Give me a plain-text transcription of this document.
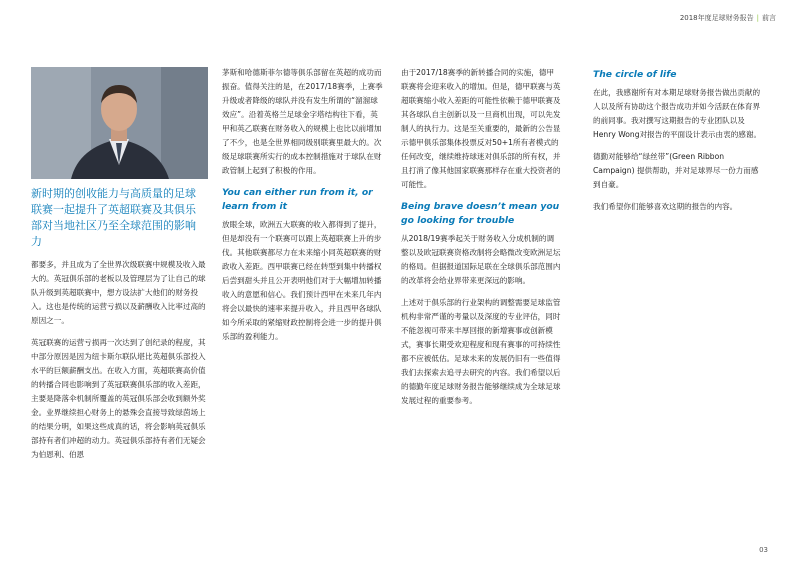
2018年度足球财务报告 | 前言

新时期的创收能力与高质量的足球联赛一起提升了英超联赛及其俱乐部对当地社区乃至全球范围的影响力

都要多，并且成为了全世界次级联赛中规模及收入最大的。英冠俱乐部的老板以及管理层为了让自己的球队升级到英超联赛中，想方设法扩大他们的财务投入。这也是传统的运营亏损以及薪酬收入比率过高的原因之一。

英冠联赛的运营亏损再一次达到了创纪录的程度，其中部分原因是因为纽卡斯尔联队堪比英超俱乐部投入水平的巨额薪酬支出。在收入方面，英超联赛高价值的转播合同也影响到了英冠联赛俱乐部的收入差距，主要是降落伞机制所覆盖的英冠俱乐部会收到额外奖金。业界继续担心财务上的悬殊会直接导致绿茵场上的结果分明，如果这些成真的话，将会影响英冠俱乐部持有者们冲超的动力。英冠俱乐部持有者们无疑会为伯恩利、伯恩

茅斯和哈德斯菲尔德等俱乐部留在英超的成功而振奋。值得关注的是，在2017/18赛季，上赛季升级或者降级的球队并没有发生所谓的“溜溜球效应”。沿着英格兰足球金字塔结构往下看，英甲和英乙联赛在财务收入的规模上也比以前增加了不少，也是全世界相同级别联赛里最大的。次级足球联赛所实行的成本控制措施对于球队在财政管制上起到了积极的作用。

You can either run from it, or learn from it

放眼全球，欧洲五大联赛的收入都得到了提升，但是却没有一个联赛可以跟上英超联赛上升的步伐。其他联赛都尽力在未来缩小同英超联赛的财政收入差距。西甲联赛已经在转型到集中转播权后尝到甜头并且公开表明他们对于大幅增加转播收入的意愿和信心。我们预计西甲在未来几年内将会以最快的速率来提升收入，并且西甲各球队如今所采取的紧缩财政控制将会进一步的提升俱乐部的盈利能力。

由于2017/18赛季的新转播合同的实施，德甲联赛将会迎来收入的增加。但是，德甲联赛与英超联赛缩小收入差距的可能性依赖于德甲联赛及其各球队自主创新以及一旦商机出现，可以先发制人的执行力。这是至关重要的，最新的公告显示德甲俱乐部集体投票反对50+1所有者模式的任何改变，继续维持球迷对俱乐部的所有权，并且打消了像其他国家联赛那样存在重大投资者的可能性。

Being brave doesn’t mean you go looking for trouble

从2018/19赛季起关于财务收入分成机制的调整以及欧冠联赛资格改制将会略微改变欧洲足坛的格局。但据报道国际足联在全球俱乐部范围内的改革将会给业界带来更深远的影响。

上述对于俱乐部的行业架构的调整需要足球监管机构非常严谨的考量以及深度的专业评估，同时不能忽视可带来丰厚回报的新增赛事或创新模式，赛事长期受欢迎程度和现有赛事的可持续性都不应被低估。足球未来的发展仍旧有一些值得我们去探索去追寻去研究的内容。我们希望以后的德勤年度足球财务报告能够继续成为全球足球发展过程的重要参考。

The circle of life

在此，我感谢所有对本期足球财务报告做出贡献的人以及所有协助这个报告成功并如今活跃在体育界的前同事。我对撰写这期报告的专业团队以及Henry Wong对报告的平面设计表示由衷的感谢。

德勤对能够给“绿丝带”(Green Ribbon Campaign) 提供帮助，并对足球界尽一份力而感到自豪。

我们希望你们能够喜欢这期的报告的内容。

03
